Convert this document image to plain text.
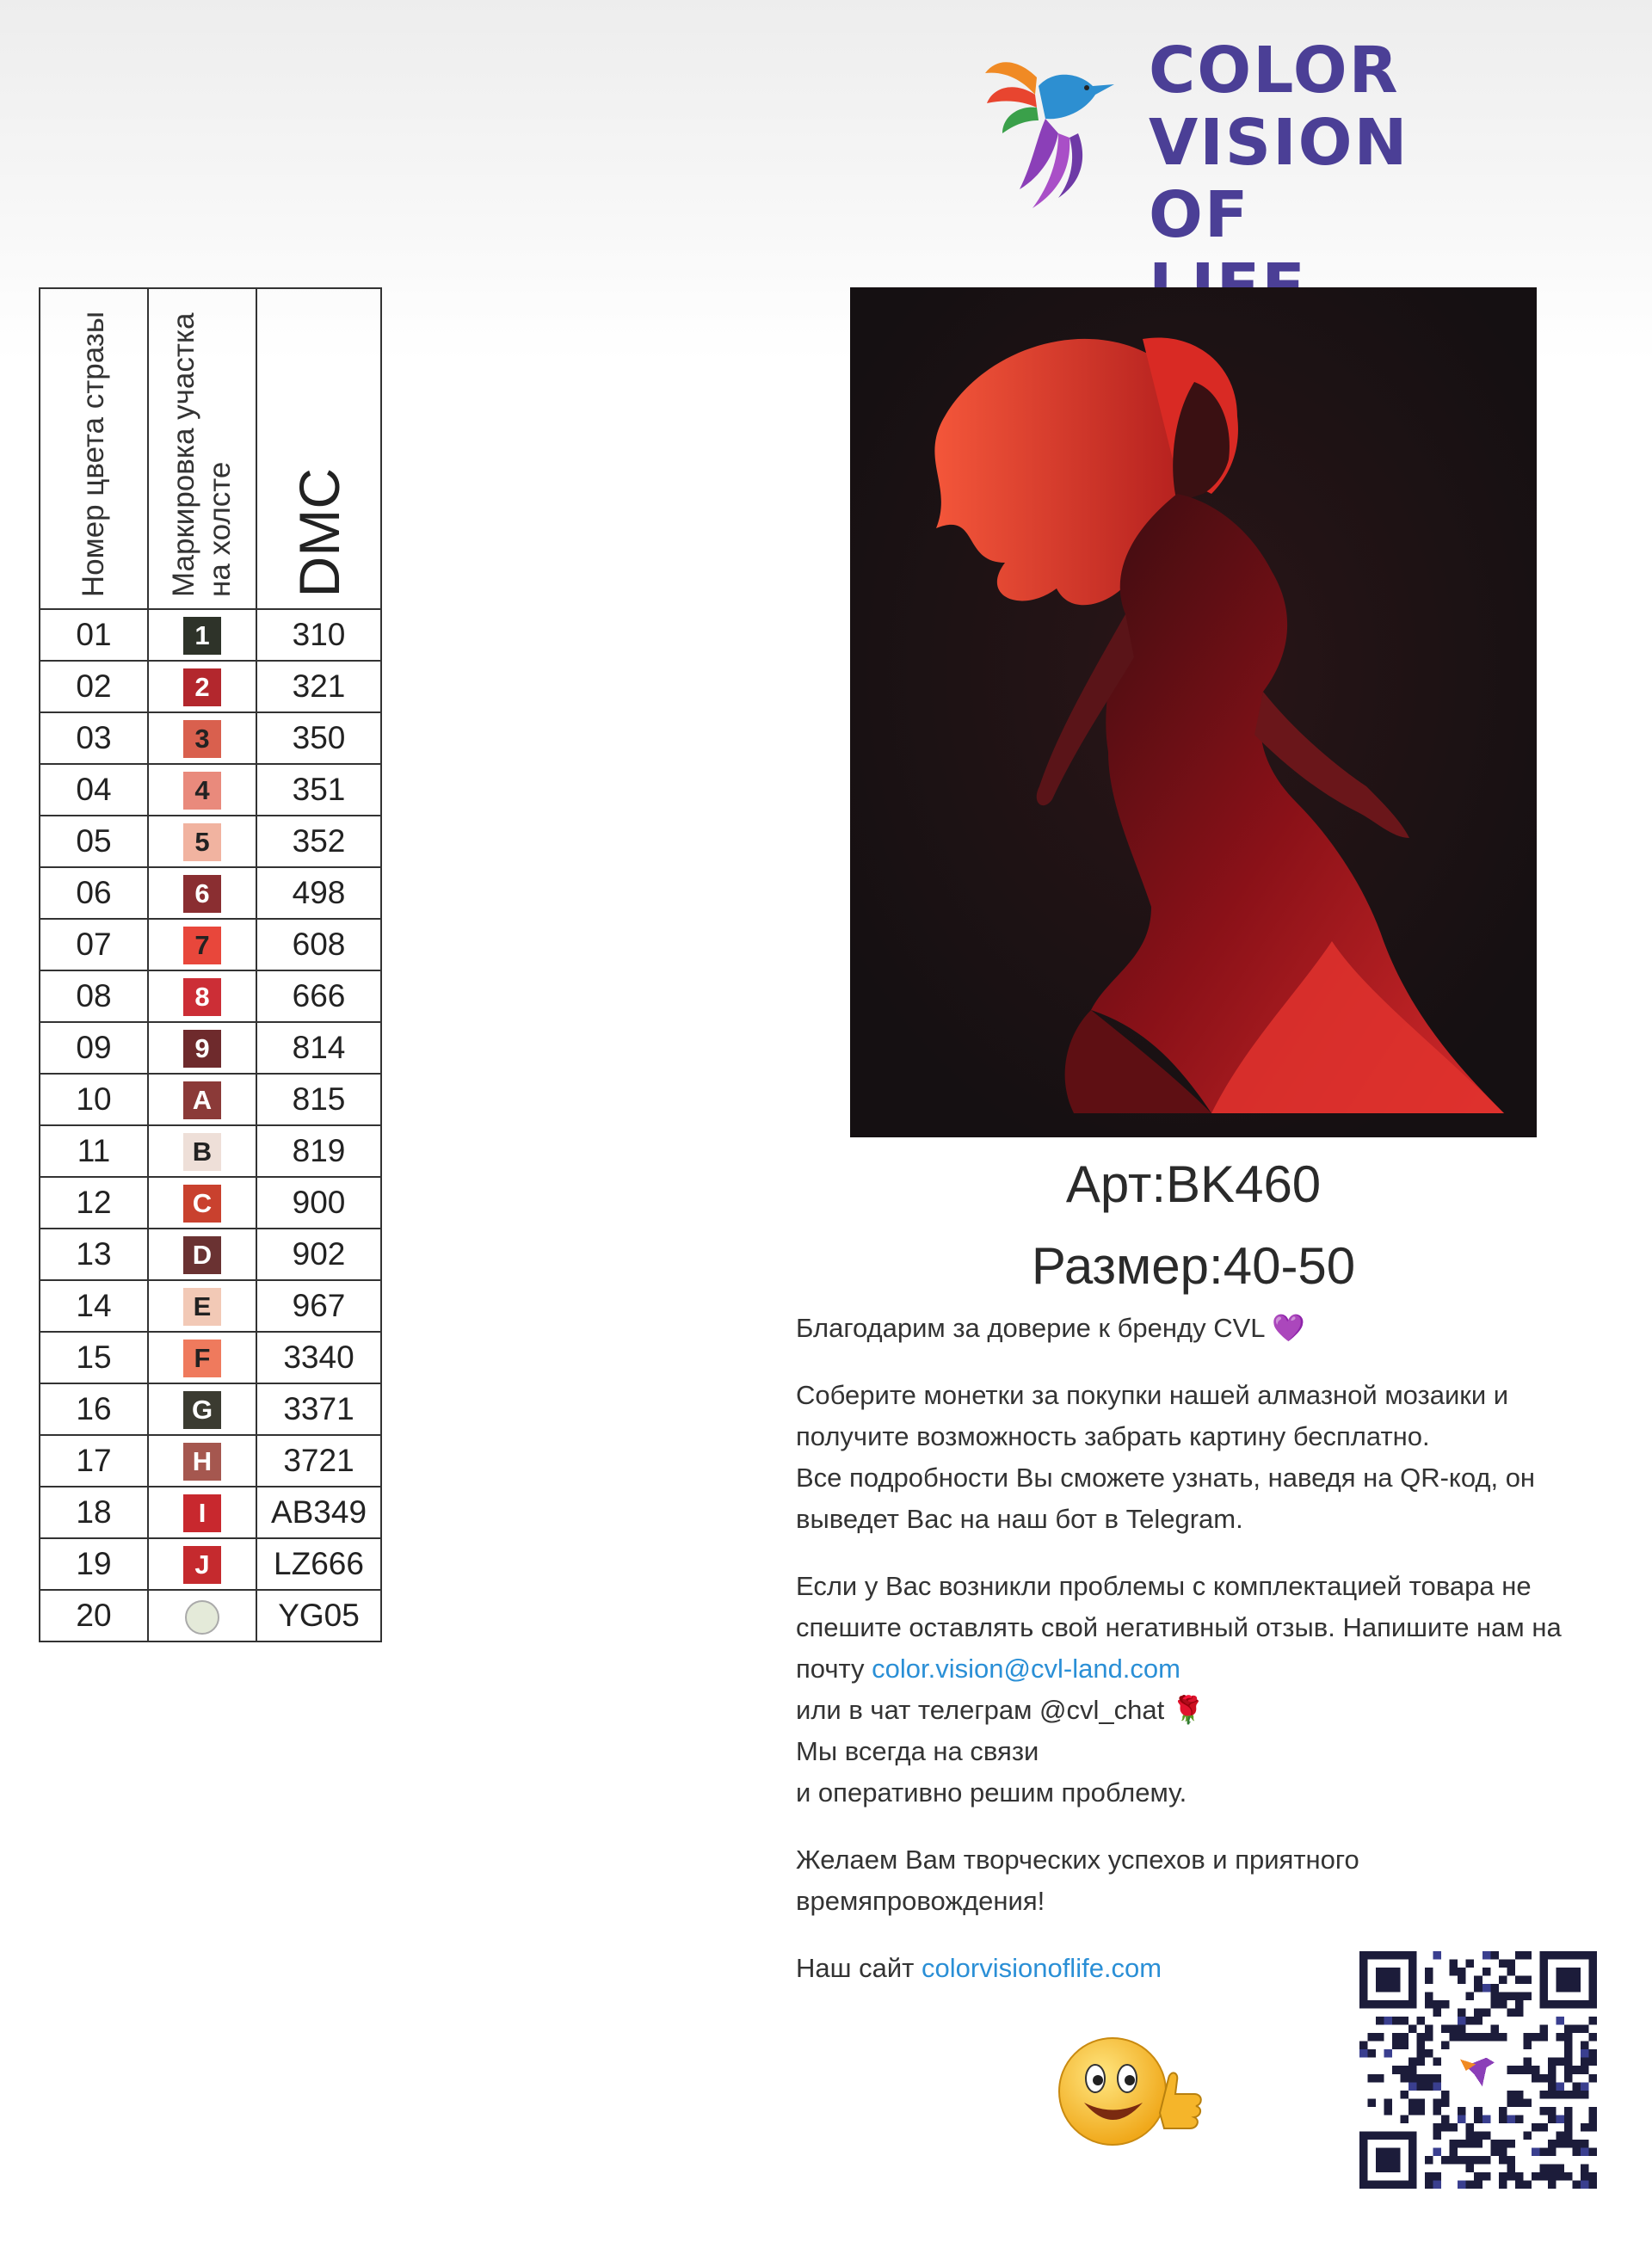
COLOR
VISION
OF
Номер цвета стразы	Маркировка участка на холсте	DMC
01	1	310
02	2	321
03	3	350
04	4	351
05	5	352
06	6	498
07	7	608
08	8	666
09	9	814
10	A	815
11	B	819
12	C	900
13	D	902
14	E	967
15	F	3340
16	G	3371
17	H	3721
18	I	AB349
19	J	LZ666
20		YG05
Арт:BK460
Размер:40-50

Благодарим за доверие к бренду CVL 💜

Соберите монетки за покупки нашей алмазной мозаики и получите возможность забрать картину бесплатно.
Все подробности Вы сможете узнать, наведя на QR-код, он выведет Вас на наш бот в Telegram.

Если у Вас возникли проблемы с комплектацией товара не спешите оставлять свой негативный отзыв. Напишите нам на почту color.vision@cvl-land.com
или в чат телеграм @cvl_chat 🌹
Мы всегда на связи
и оперативно решим проблему.

Желаем Вам творческих успехов и приятного времяпровождения!

Наш сайт colorvisionoflife.com
